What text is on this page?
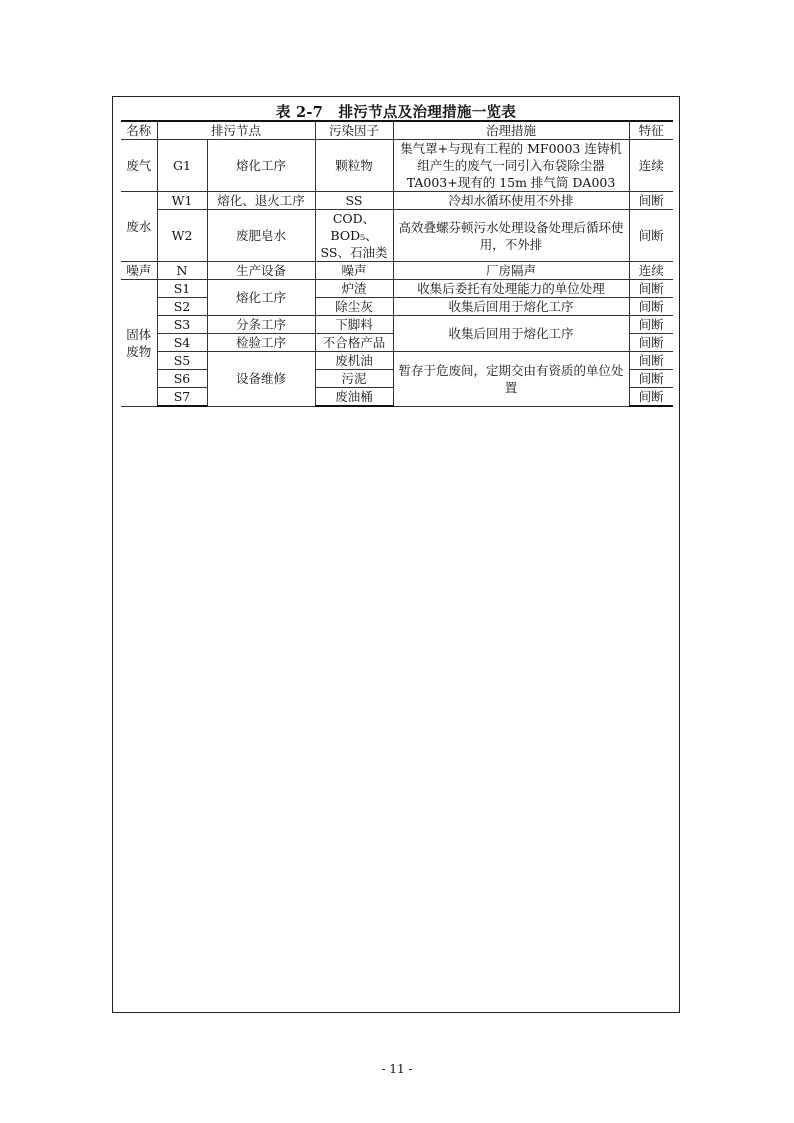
表 2-7 排污节点及治理措施一览表
名称	排污节点		污染因子	治理措施	特征
废气	G1	熔化工序	颗粒物	集气罩+与现有工程的 MF0003 连铸机组产生的废气一同引入布袋除尘器 TA003+现有的 15m 排气筒 DA003	连续
废水	W1	熔化、退火工序	SS	冷却水循环使用不外排	间断
	W2	废肥皂水	COD、BOD₅、SS、石油类	高效叠螺芬顿污水处理设备处理后循环使用，不外排	间断
噪声	N	生产设备	噪声	厂房隔声	连续
固体废物	S1	熔化工序	炉渣	收集后委托有处理能力的单位处理	间断
	S2		除尘灰	收集后回用于熔化工序	间断
	S3	分条工序	下脚料	收集后回用于熔化工序	间断
	S4	检验工序	不合格产品		间断
	S5	设备维修	废机油	暂存于危废间，定期交由有资质的单位处置	间断
	S6		污泥		间断
	S7		废油桶		间断
- 11 -
